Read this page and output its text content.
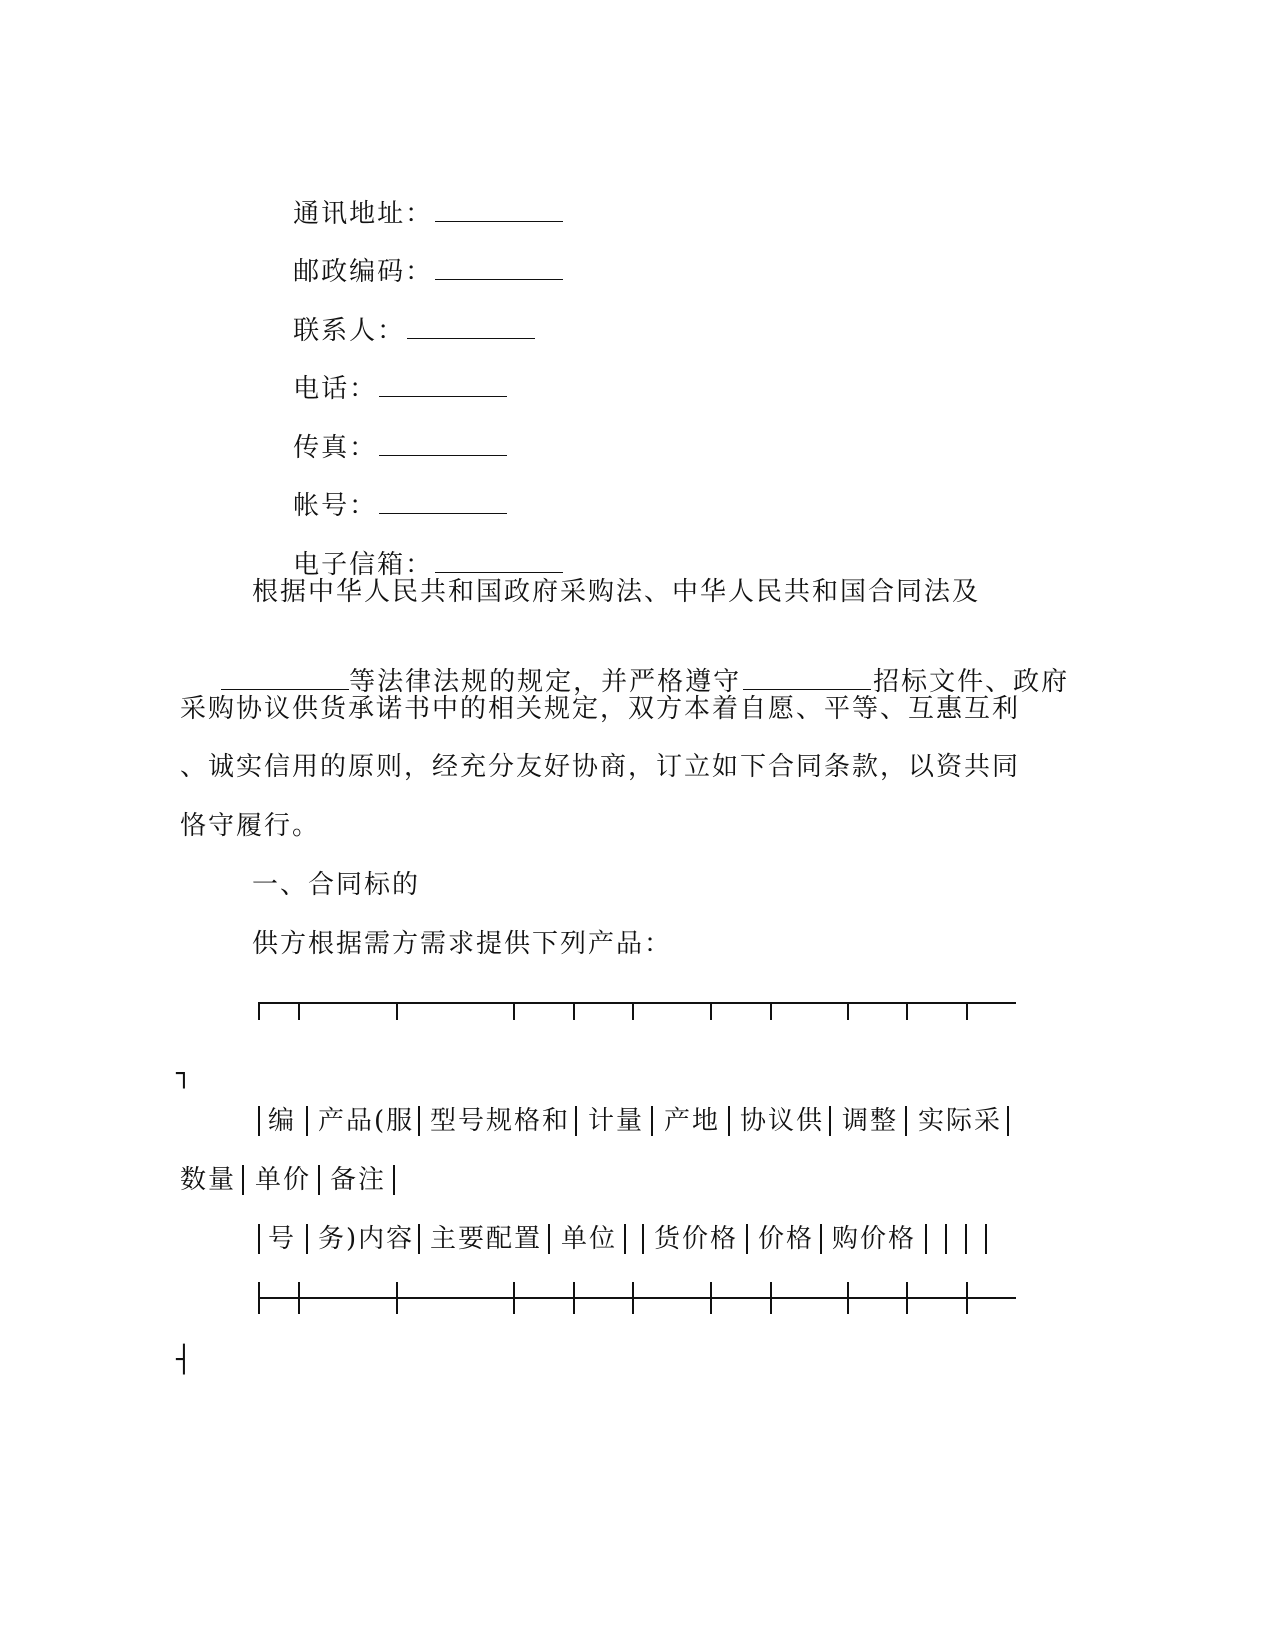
通讯地址：

邮政编码：

联系人：

电话：

传真：

帐号：

电子信箱：

根据中华人民共和国政府采购法、中华人民共和国合同法及

等法律法规的规定，并严格遵守	招标文件、政府

采购协议供货承诺书中的相关规定，双方本着自愿、平等、互惠互利
、诚实信用的原则，经充分友好协商，订立如下合同条款，以资共同
恪守履行。
一、合同标的
供方根据需方需求提供下列产品：
┐
编 产品(服 型号规格和 计量 产地 协议供 调整 实际采
数量 单价 备注
号 务)内容 主要配置 单位 货价格 价格 购价格
┤
